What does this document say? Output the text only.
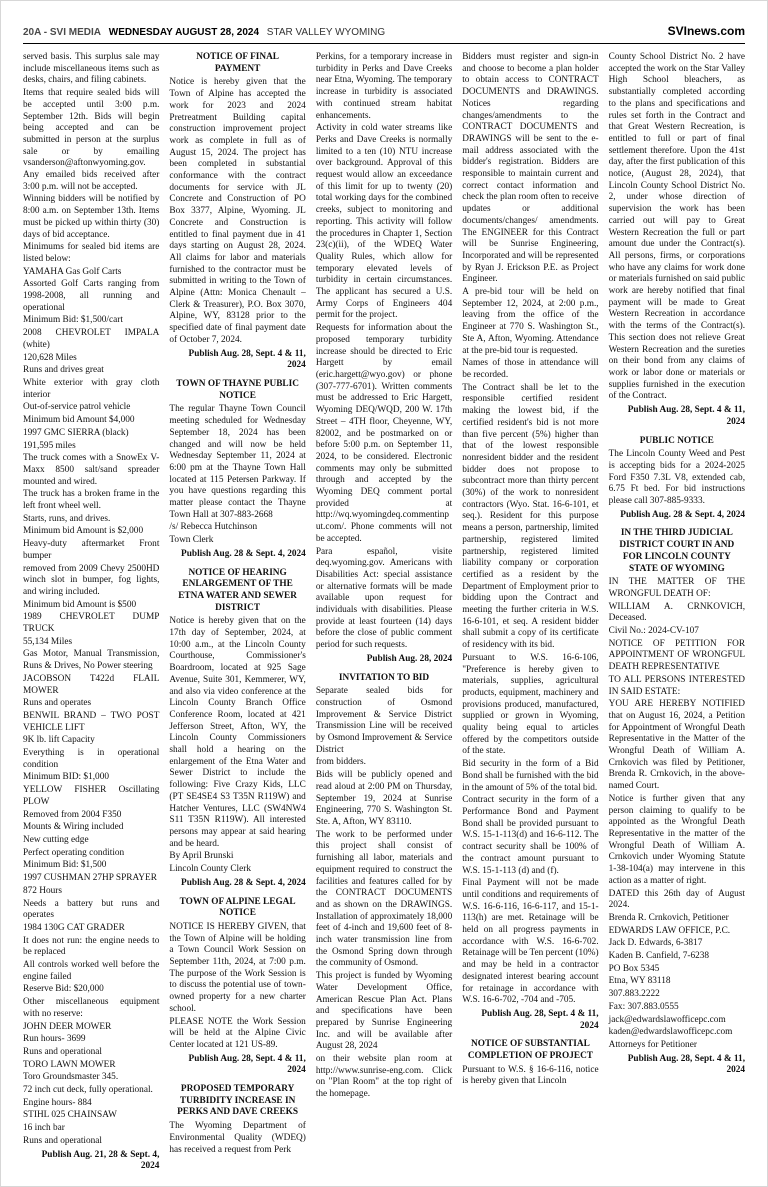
20A - SVI MEDIA WEDNESDAY AUGUST 28, 2024 STAR VALLEY WYOMING	SVInews.com
served basis. This surplus sale may include miscellaneous items such as desks, chairs, and filing cabinets.
Items that require sealed bids will be accepted until 3:00 p.m. September 12th. Bids will begin being accepted and can be submitted in person at the surplus sale or by emailing vsanderson@aftonwyoming.gov. Any emailed bids received after 3:00 p.m. will not be accepted.
Winning bidders will be notified by 8:00 a.m. on September 13th. Items must be picked up within thirty (30) days of bid acceptance.
Minimums for sealed bid items are listed below:
YAMAHA Gas Golf Carts
Assorted Golf Carts ranging from 1998-2008, all running and operational
Minimum Bid: $1,500/cart
2008 CHEVROLET IMPALA (white)
120,628 Miles
Runs and drives great
White exterior with gray cloth interior
Out-of-service patrol vehicle
Minimum bid Amount $4,000
1997 GMC SIERRA (black)
191,595 miles
The truck comes with a SnowEx V-Maxx 8500 salt/sand spreader mounted and wired.
The truck has a broken frame in the left front wheel well.
Starts, runs, and drives.
Minimum bid Amount is $2,000
Heavy-duty aftermarket Front bumper
removed from 2009 Chevy 2500HD winch slot in bumper, fog lights, and wiring included.
Minimum bid Amount is $500
1989 CHEVROLET DUMP TRUCK
55,134 Miles
Gas Motor, Manual Transmission, Runs & Drives, No Power steering
JACOBSON T422d FLAIL MOWER
Runs and operates
BENWIL BRAND – TWO POST VEHICLE LIFT
9K lb. lift Capacity
Everything is in operational condition
Minimum BID: $1,000
YELLOW FISHER Oscillating PLOW
Removed from 2004 F350
Mounts & Wiring included
New cutting edge
Perfect operating condition
Minimum Bid: $1,500
1997 CUSHMAN 27HP SPRAYER
872 Hours
Needs a battery but runs and operates
1984 130G CAT GRADER
It does not run: the engine needs to be replaced
All controls worked well before the engine failed
Reserve Bid: $20,000
Other miscellaneous equipment with no reserve:
JOHN DEER MOWER
Run hours- 3699
Runs and operational
TORO LAWN MOWER
Toro Groundsmaster 345.
72 inch cut deck, fully operational.
Engine hours- 884
STIHL 025 CHAINSAW
16 inch bar
Runs and operational
Publish Aug. 21, 28 & Sept. 4, 2024
NOTICE OF FINAL PAYMENT
Notice is hereby given that the Town of Alpine has accepted the work for 2023 and 2024 Pretreatment Building capital construction improvement project work as complete in full as of August 15, 2024. The project has been completed in substantial conformance with the contract documents for service with JL Concrete and Construction of PO Box 3377, Alpine, Wyoming. JL Concrete and Construction is entitled to final payment due in 41 days starting on August 28, 2024. All claims for labor and materials furnished to the contractor must be submitted in writing to the Town of Alpine (Attn: Monica Chenault – Clerk & Treasurer), P.O. Box 3070, Alpine, WY, 83128 prior to the specified date of final payment date of October 7, 2024.
Publish Aug. 28, Sept. 4 & 11, 2024
TOWN OF THAYNE PUBLIC NOTICE
The regular Thayne Town Council meeting scheduled for Wednesday September 18, 2024 has been changed and will now be held Wednesday September 11, 2024 at 6:00 pm at the Thayne Town Hall located at 115 Petersen Parkway. If you have questions regarding this matter please contact the Thayne Town Hall at 307-883-2668
/s/ Rebecca Hutchinson
Town Clerk
Publish Aug. 28 & Sept. 4, 2024
NOTICE OF HEARING ENLARGEMENT OF THE ETNA WATER AND SEWER DISTRICT
Notice is hereby given that on the 17th day of September, 2024, at 10:00 a.m., at the Lincoln County Courthouse, Commissioner's Boardroom, located at 925 Sage Avenue, Suite 301, Kemmerer, WY, and also via video conference at the Lincoln County Branch Office Conference Room, located at 421 Jefferson Street, Afton, WY, the Lincoln County Commissioners shall hold a hearing on the enlargement of the Etna Water and Sewer District to include the following: Five Crazy Kids, LLC (PT SE4SE4 S3 T35N R119W) and Hatcher Ventures, LLC (SW4NW4 S11 T35N R119W). All interested persons may appear at said hearing and be heard.
By April Brunski
Lincoln County Clerk
Publish Aug. 28 & Sept. 4, 2024
TOWN OF ALPINE LEGAL NOTICE
NOTICE IS HEREBY GIVEN, that the Town of Alpine will be holding a Town Council Work Session on September 11th, 2024, at 7:00 p.m. The purpose of the Work Session is to discuss the potential use of town-owned property for a new charter school.
PLEASE NOTE the Work Session will be held at the Alpine Civic Center located at 121 US-89.
Publish Aug. 28, Sept. 4 & 11, 2024
PROPOSED TEMPORARY TURBIDITY INCREASE IN PERKS AND DAVE CREEKS
The Wyoming Department of Environmental Quality (WDEQ) has received a request from Perk
Perkins, for a temporary increase in turbidity in Perks and Dave Creeks near Etna, Wyoming. The temporary increase in turbidity is associated with continued stream habitat enhancements.
Activity in cold water streams like Perks and Dave Creeks is normally limited to a ten (10) NTU increase over background. Approval of this request would allow an exceedance of this limit for up to twenty (20) total working days for the combined creeks, subject to monitoring and reporting. This activity will follow the procedures in Chapter 1, Section 23(c)(ii), of the WDEQ Water Quality Rules, which allow for temporary elevated levels of turbidity in certain circumstances. The applicant has secured a U.S. Army Corps of Engineers 404 permit for the project.
Requests for information about the proposed temporary turbidity increase should be directed to Eric Hargett by email (eric.hargett@wyo.gov) or phone (307-777-6701). Written comments must be addressed to Eric Hargett, Wyoming DEQ/WQD, 200 W. 17th Street – 4TH floor, Cheyenne, WY, 82002, and be postmarked on or before 5:00 p.m. on September 11, 2024, to be considered. Electronic comments may only be submitted through and accepted by the Wyoming DEQ comment portal provided at http://wq.wyomingdeq.commentinput.com/. Phone comments will not be accepted.
Para español, visite deq.wyoming.gov. Americans with Disabilities Act: special assistance or alternative formats will be made available upon request for individuals with disabilities. Please provide at least fourteen (14) days before the close of public comment period for such requests.
Publish Aug. 28, 2024
INVITATION TO BID
Separate sealed bids for construction of Osmond Improvement & Service District Transmission Line will be received by Osmond Improvement & Service District
from bidders.
Bids will be publicly opened and read aloud at 2:00 PM on Thursday, September 19, 2024 at Sunrise Engineering, 770 S. Washington St. Ste. A, Afton, WY 83110.
The work to be performed under this project shall consist of furnishing all labor, materials and equipment required to construct the facilities and features called for by the CONTRACT DOCUMENTS and as shown on the DRAWINGS. Installation of approximately 18,000 feet of 4-inch and 19,600 feet of 8-inch water transmission line from the Osmond Spring down through the community of Osmond.
This project is funded by Wyoming Water Development Office, American Rescue Plan Act. Plans and specifications have been prepared by Sunrise Engineering Inc. and will be available after August 28, 2024
on their website plan room at http://www.sunrise-eng.com. Click on "Plan Room" at the top right of the homepage.
Bidders must register and sign-in and choose to become a plan holder to obtain access to CONTRACT DOCUMENTS and DRAWINGS. Notices regarding changes/amendments to the CONTRACT DOCUMENTS and DRAWINGS will be sent to the e-mail address associated with the bidder's registration. Bidders are responsible to maintain current and correct contact information and check the plan room often to receive updates or additional documents/changes/ amendments. The ENGINEER for this Contract will be Sunrise Engineering, Incorporated and will be represented by Ryan J. Erickson P.E. as Project Engineer.
A pre-bid tour will be held on September 12, 2024, at 2:00 p.m., leaving from the office of the Engineer at 770 S. Washington St., Ste A, Afton, Wyoming. Attendance at the pre-bid tour is requested.
Names of those in attendance will be recorded.
The Contract shall be let to the responsible certified resident making the lowest bid, if the certified resident's bid is not more than five percent (5%) higher than that of the lowest responsible nonresident bidder and the resident bidder does not propose to subcontract more than thirty percent (30%) of the work to nonresident contractors (Wyo. Stat. 16-6-101, et seq.). Resident for this purpose means a person, partnership, limited partnership, registered limited partnership, registered limited liability company or corporation certified as a resident by the Department of Employment prior to bidding upon the Contract and meeting the further criteria in W.S. 16-6-101, et seq. A resident bidder shall submit a copy of its certificate of residency with its bid.
Pursuant to W.S. 16-6-106, "Preference is hereby given to materials, supplies, agricultural products, equipment, machinery and provisions produced, manufactured, supplied or grown in Wyoming, quality being equal to articles offered by the competitors outside of the state.
Bid security in the form of a Bid Bond shall be furnished with the bid in the amount of 5% of the total bid.
Contract security in the form of a Performance Bond and Payment Bond shall be provided pursuant to W.S. 15-1-113(d) and 16-6-112. The contract security shall be 100% of the contract amount pursuant to W.S. 15-1-113 (d) and (f).
Final Payment will not be made until conditions and requirements of W.S. 16-6-116, 16-6-117, and 15-1-113(h) are met. Retainage will be held on all progress payments in accordance with W.S. 16-6-702. Retainage will be Ten percent (10%) and may be held in a contractor designated interest bearing account for retainage in accordance with W.S. 16-6-702, -704 and -705.
Publish Aug. 28, Sept. 4 & 11, 2024
NOTICE OF SUBSTANTIAL COMPLETION OF PROJECT
Pursuant to W.S. § 16-6-116, notice is hereby given that Lincoln
County School District No. 2 have accepted the work on the Star Valley High School bleachers, as substantially completed according to the plans and specifications and rules set forth in the Contract and that Great Western Recreation, is entitled to full or part of final settlement therefore. Upon the 41st day, after the first publication of this notice, (August 28, 2024), that Lincoln County School District No. 2, under whose direction of supervision the work has been carried out will pay to Great Western Recreation the full or part amount due under the Contract(s). All persons, firms, or corporations who have any claims for work done or materials furnished on said public work are hereby notified that final payment will be made to Great Western Recreation in accordance with the terms of the Contract(s). This section does not relieve Great Western Recreation and the sureties on their bond from any claims of work or labor done or materials or supplies furnished in the execution of the Contract.
Publish Aug. 28, Sept. 4 & 11, 2024
PUBLIC NOTICE
The Lincoln County Weed and Pest is accepting bids for a 2024-2025 Ford F350 7.3L V8, extended cab, 6.75 Ft bed. For bid instructions please call 307-885-9333.
Publish Aug. 28 & Sept. 4, 2024
IN THE THIRD JUDICIAL DISTRICT COURT IN AND FOR LINCOLN COUNTY STATE OF WYOMING
IN THE MATTER OF THE WRONGFUL DEATH OF:
WILLIAM A. CRNKOVICH, Deceased.
Civil No.: 2024-CV-107
NOTICE OF PETITION FOR APPOINTMENT OF WRONGFUL DEATH REPRESENTATIVE
TO ALL PERSONS INTERESTED IN SAID ESTATE:
YOU ARE HEREBY NOTIFIED that on August 16, 2024, a Petition for Appointment of Wrongful Death Representative in the Matter of the Wrongful Death of William A. Crnkovich was filed by Petitioner, Brenda R. Crnkovich, in the above-named Court.
Notice is further given that any person claiming to qualify to be appointed as the Wrongful Death Representative in the matter of the Wrongful Death of William A. Crnkovich under Wyoming Statute 1-38-104(a) may intervene in this action as a matter of right.
DATED this 26th day of August 2024.
Brenda R. Crnkovich, Petitioner
EDWARDS LAW OFFICE, P.C.
Jack D. Edwards, 6-3817
Kaden B. Canfield, 7-6238
PO Box 5345
Etna, WY 83118
307.883.2222
Fax: 307.883.0555
jack@edwardslawofficepc.com
kaden@edwardslawofficepc.com
Attorneys for Petitioner
Publish Aug. 28, Sept. 4 & 11, 2024
